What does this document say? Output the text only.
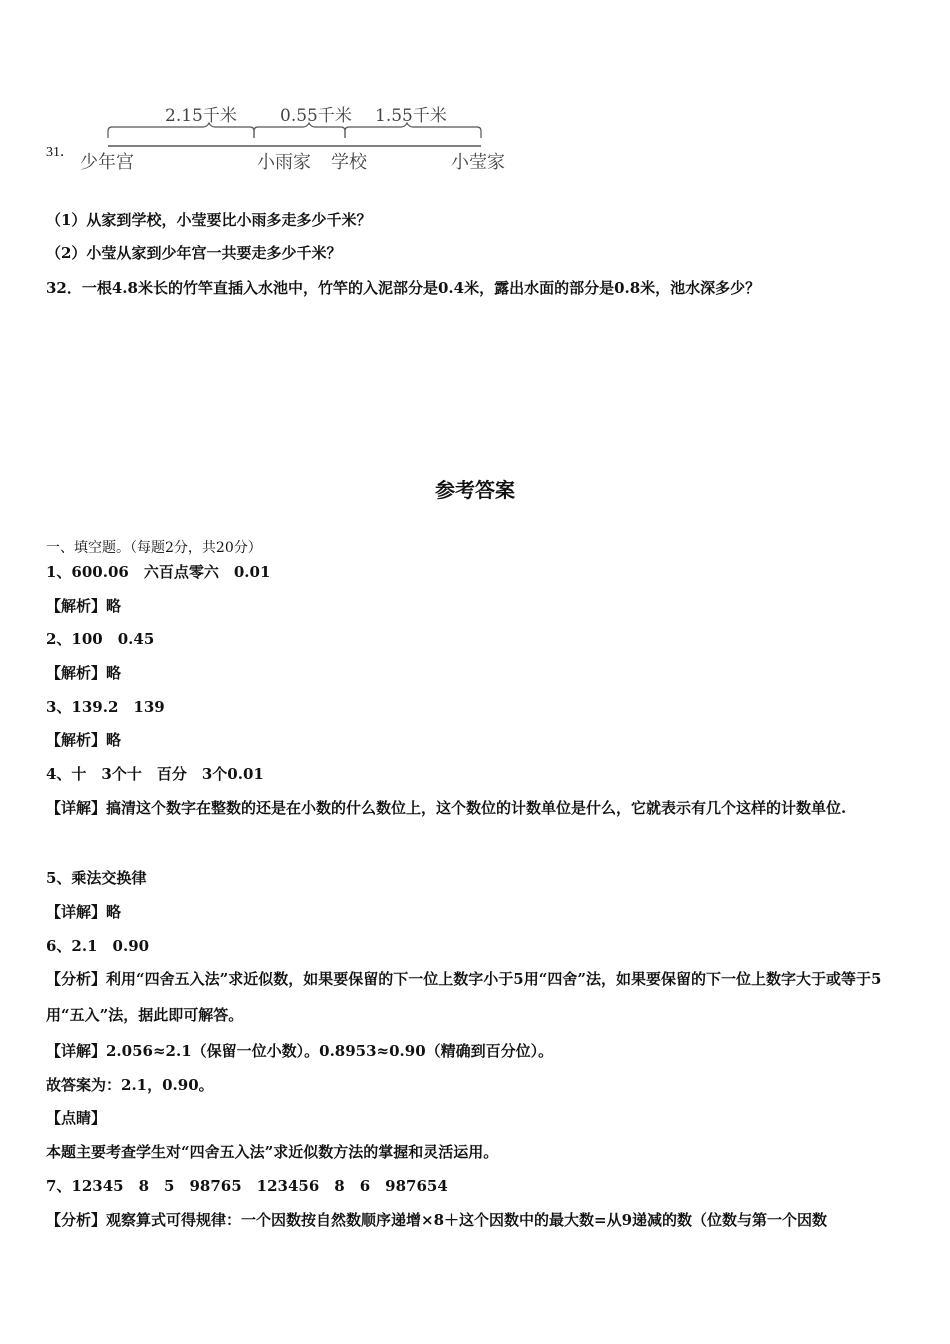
31．
2.15千米	0.55千米 1.55千米
少年宫	小雨家 学校	小莹家
（1）从家到学校，小莹要比小雨多走多少千米？
（2）小莹从家到少年宫一共要走多少千米？
32．一根4.8米长的竹竿直插入水池中，竹竿的入泥部分是0.4米，露出水面的部分是0.8米，池水深多少？
参考答案
一、填空题。（每题2分，共20分）
1、600.06　六百点零六　0.01
【解析】略
2、100　0.45
【解析】略
3、139.2　139
【解析】略
4、十　3个十　百分　3个0.01
【详解】搞清这个数字在整数的还是在小数的什么数位上，这个数位的计数单位是什么，它就表示有几个这样的计数单位.
5、乘法交换律
【详解】略
6、2.1　0.90
【分析】利用“四舍五入法”求近似数，如果要保留的下一位上数字小于5用“四舍”法，如果要保留的下一位上数字大于或等于5用“五入”法，据此即可解答。
【详解】2.056≈2.1（保留一位小数）。0.8953≈0.90（精确到百分位）。
故答案为：2.1，0.90。
【点睛】
本题主要考查学生对“四舍五入法”求近似数方法的掌握和灵活运用。
7、12345　8　5　98765　123456　8　6　987654
【分析】观察算式可得规律：一个因数按自然数顺序递增×8＋这个因数中的最大数=从9递减的数（位数与第一个因数
